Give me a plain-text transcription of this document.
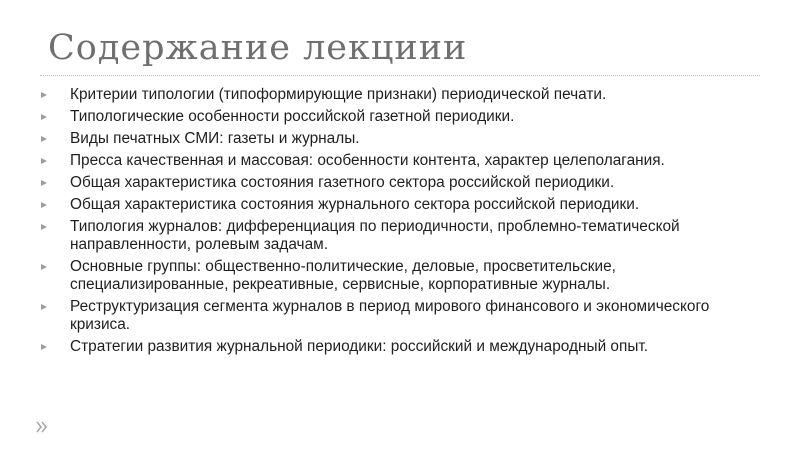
Содержание лекциии
Критерии типологии (типоформирующие признаки) периодической печати.
Типологические особенности российской газетной периодики.
Виды печатных СМИ: газеты и журналы.
Пресса качественная и массовая: особенности контента, характер целеполагания.
Общая характеристика состояния газетного сектора российской периодики.
Общая характеристика состояния журнального сектора российской периодики.
Типология журналов: дифференциация по периодичности, проблемно-тематической направленности, ролевым задачам.
Основные группы: общественно-политические, деловые, просветительские, специализированные, рекреативные, сервисные, корпоративные журналы.
Реструктуризация сегмента журналов в период мирового финансового и экономического кризиса.
Стратегии развития журнальной периодики: российский и международный опыт.
